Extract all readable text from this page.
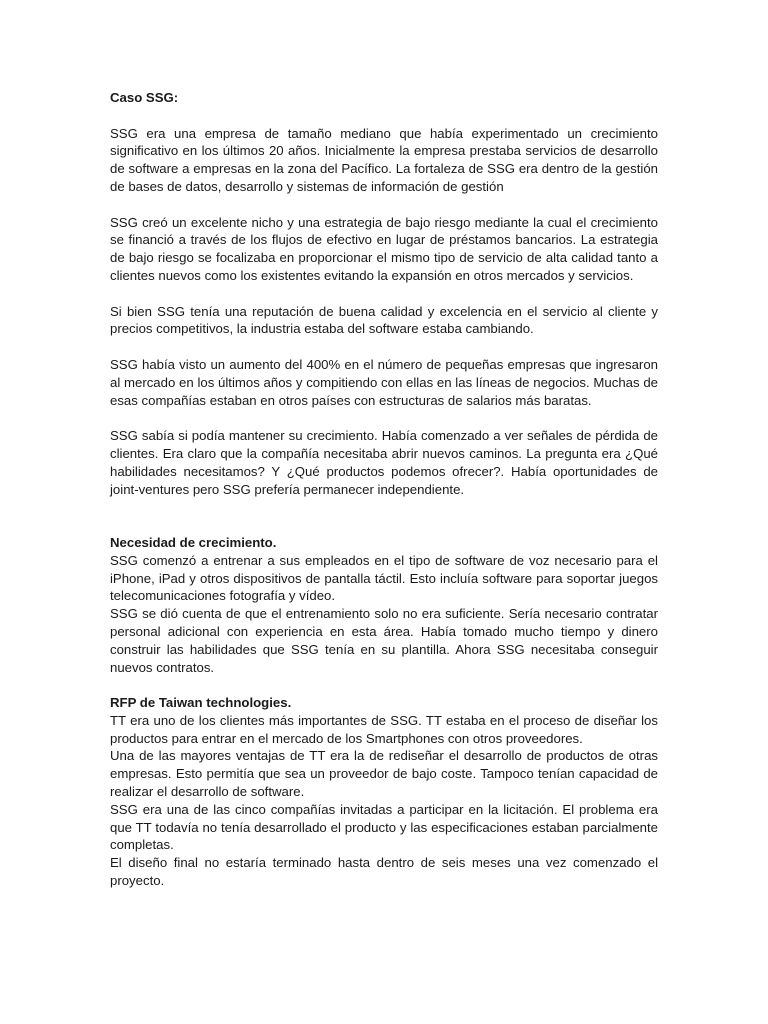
Caso SSG:

SSG era una empresa de tamaño mediano que había experimentado un crecimiento significativo en los últimos 20 años. Inicialmente la empresa prestaba servicios de desarrollo de software a empresas en la zona del Pacífico. La fortaleza de SSG era dentro de la gestión de bases de datos, desarrollo y sistemas de información de gestión

SSG creó un excelente nicho y una estrategia de bajo riesgo mediante la cual el crecimiento se financió a través de los flujos de efectivo en lugar de préstamos bancarios. La estrategia de bajo riesgo se focalizaba en proporcionar el mismo tipo de servicio de alta calidad tanto a clientes nuevos como los existentes evitando la expansión en otros mercados y servicios.

Si bien SSG tenía una reputación de buena calidad y excelencia en el servicio al cliente y precios competitivos, la industria estaba del software estaba cambiando.

SSG había visto un aumento del 400% en el número de pequeñas empresas que ingresaron al mercado en los últimos años y compitiendo con ellas en las líneas de negocios. Muchas de esas compañías estaban en otros países con estructuras de salarios más baratas.

SSG sabía si podía mantener su crecimiento. Había comenzado a ver señales de pérdida de clientes. Era claro que la compañía necesitaba abrir nuevos caminos. La pregunta era ¿Qué habilidades necesitamos? Y ¿Qué productos podemos ofrecer?. Había oportunidades de joint-ventures pero SSG prefería permanecer independiente.

Necesidad de crecimiento.

SSG comenzó a entrenar a sus empleados en el tipo de software de voz necesario para el iPhone, iPad y otros dispositivos de pantalla táctil. Esto incluía software para soportar juegos telecomunicaciones fotografía y vídeo.

SSG se dió cuenta de que el entrenamiento solo no era suficiente. Sería necesario contratar personal adicional con experiencia en esta área. Había tomado mucho tiempo y dinero construir las habilidades que SSG tenía en su plantilla. Ahora SSG necesitaba conseguir nuevos contratos.

RFP de Taiwan technologies.

TT era uno de los clientes más importantes de SSG. TT estaba en el proceso de diseñar los productos para entrar en el mercado de los Smartphones con otros proveedores.

Una de las mayores ventajas de TT era la de rediseñar el desarrollo de productos de otras empresas. Esto permitía que sea un proveedor de bajo coste. Tampoco tenían capacidad de realizar el desarrollo de software.

SSG era una de las cinco compañías invitadas a participar en la licitación. El problema era que TT todavía no tenía desarrollado el producto y las especificaciones estaban parcialmente completas.

El diseño final no estaría terminado hasta dentro de seis meses una vez comenzado el proyecto.
